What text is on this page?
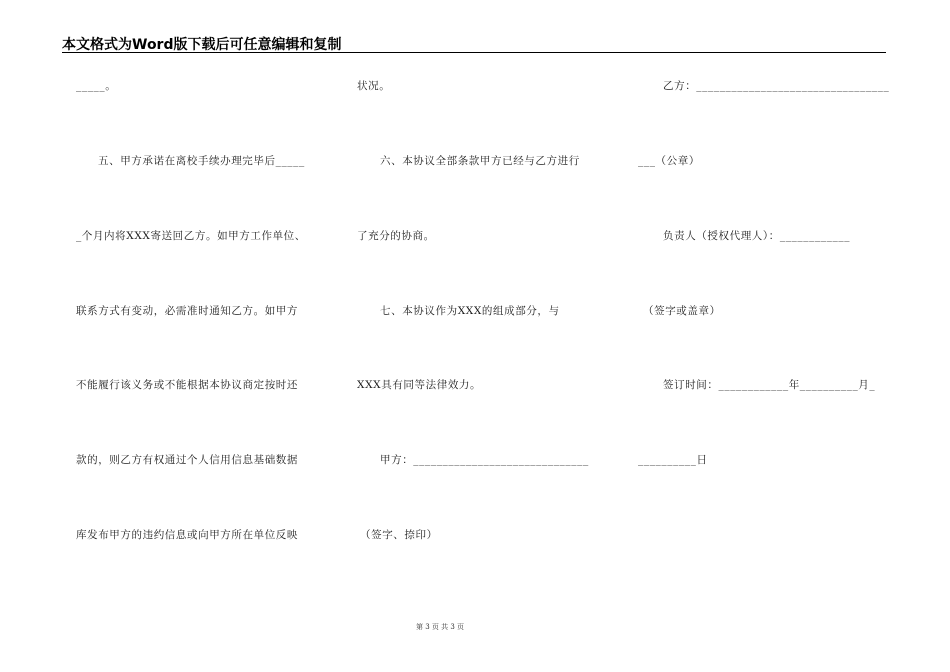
本文格式为Word版下载后可任意编辑和复制
_____。
五、甲方承诺在离校手续办理完毕后_____
_个月内将XXX寄送回乙方。如甲方工作单位、
联系方式有变动，必需准时通知乙方。如甲方
不能履行该义务或不能根据本协议商定按时还
款的，则乙方有权通过个人信用信息基础数据
库发布甲方的违约信息或向甲方所在单位反映
状况。
六、本协议全部条款甲方已经与乙方进行
了充分的协商。
七、本协议作为XXX的组成部分，与
XXX具有同等法律效力。
甲方：______________________________
（签字、捺印）
乙方：_________________________________
___（公章）
负责人（授权代理人）：____________
（签字或盖章）
签订时间：____________年__________月_
__________日
第 3 页 共 3 页
